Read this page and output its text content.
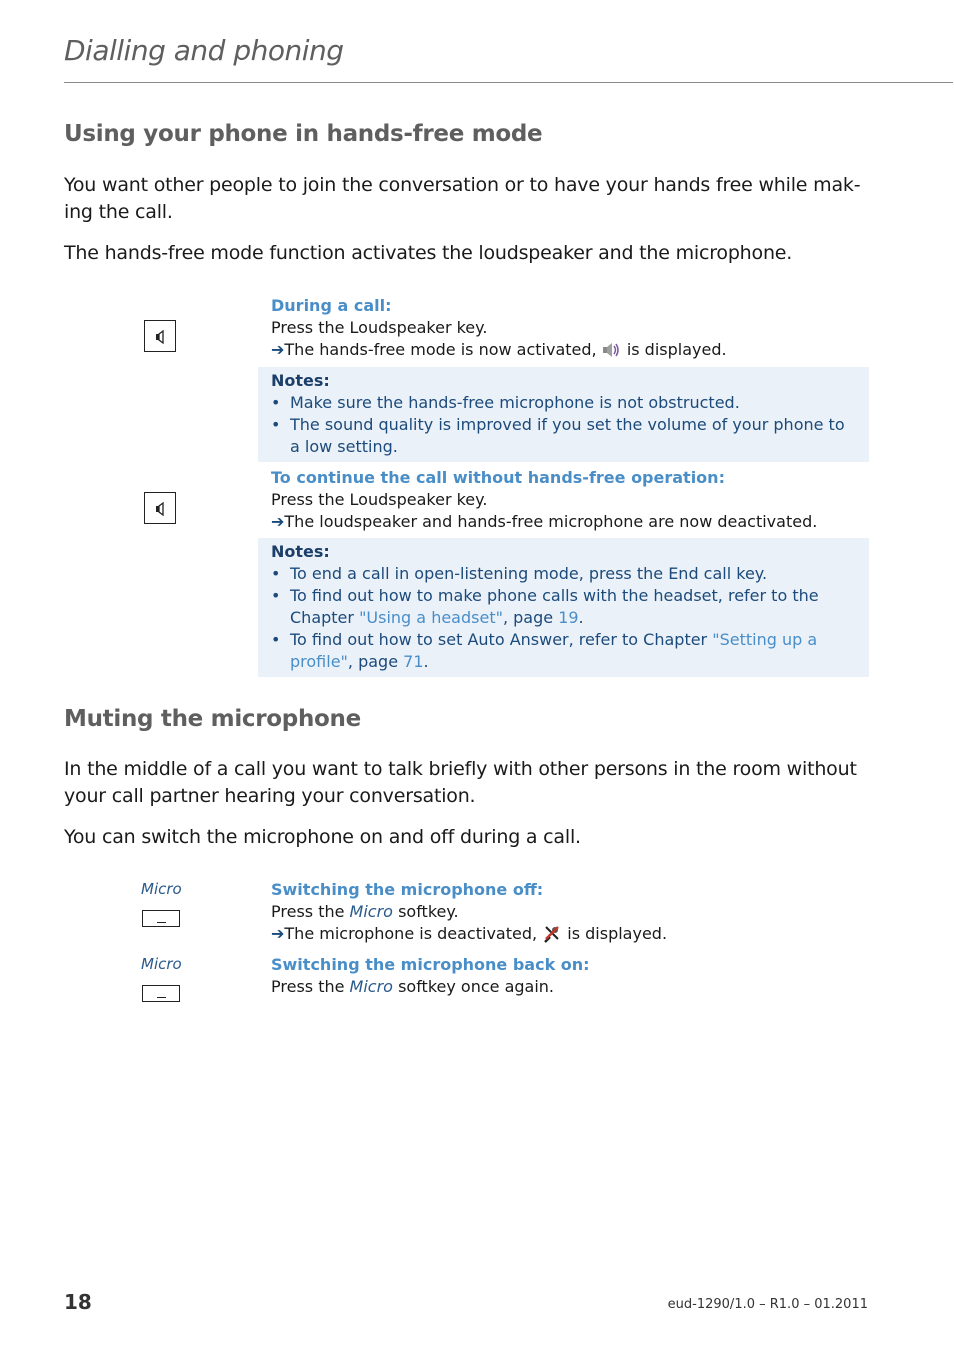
Dialling and phoning
Using your phone in hands-free mode
You want other people to join the conversation or to have your hands free while mak-ing the call.
The hands-free mode function activates the loudspeaker and the microphone.
During a call:
Press the Loudspeaker key.
➔The hands-free mode is now activated, is displayed.
Notes:
• Make sure the hands-free microphone is not obstructed.
• The sound quality is improved if you set the volume of your phone to a low setting.
To continue the call without hands-free operation:
Press the Loudspeaker key.
➔The loudspeaker and hands-free microphone are now deactivated.
Notes:
• To end a call in open-listening mode, press the End call key.
• To find out how to make phone calls with the headset, refer to the Chapter "Using a headset", page 19.
• To find out how to set Auto Answer, refer to Chapter "Setting up a profile", page 71.
Muting the microphone
In the middle of a call you want to talk briefly with other persons in the room without your call partner hearing your conversation.
You can switch the microphone on and off during a call.
Micro	Switching the microphone off:
Press the Micro softkey.
➔The microphone is deactivated, is displayed.
Micro	Switching the microphone back on:
Press the Micro softkey once again.
18	eud-1290/1.0 – R1.0 – 01.2011
